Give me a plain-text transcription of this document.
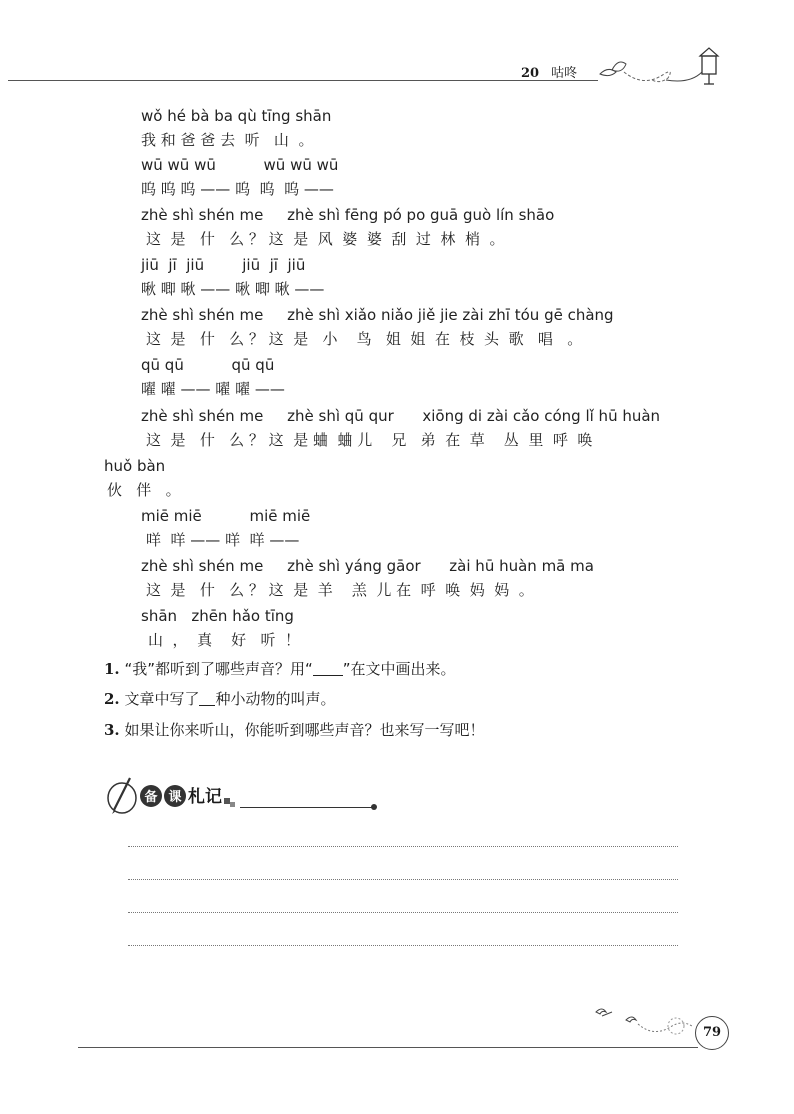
20 咕咚
wǒ hé bà ba qù tīng shān
我 和 爸 爸 去  听   山  。
wū wū wū          wū wū wū
呜 呜 呜 —— 呜  呜  呜 ——
zhè shì shén me     zhè shì fēng pó po guā guò lín shāo
这  是   什   么 ？ 这  是  风  婆  婆  刮  过  林  梢  。
jiū  jī  jiū        jiū  jī  jiū
啾 唧 啾 —— 啾 唧 啾 ——
zhè shì shén me     zhè shì xiǎo niǎo jiě jie zài zhī tóu gē chàng
这  是   什   么 ？ 这  是   小    鸟   姐  姐  在  枝  头  歌   唱   。
qū qū          qū qū
嚁 嚁 —— 嚁 嚁 ——
zhè shì shén me     zhè shì qū qur      xiōng di zài cǎo cóng lǐ hū huàn
这  是   什   么 ？ 这  是 蛐  蛐 儿    兄   弟  在  草    丛  里  呼  唤
huǒ bàn
伙   伴   。
miē miē          miē miē
咩  咩 —— 咩  咩 ——
zhè shì shén me     zhè shì yáng gāor      zài hū huàn mā ma
这  是   什   么 ？ 这  是  羊    羔  儿 在  呼  唤  妈  妈  。
shān   zhēn hǎo tīng
山  ，  真    好   听  ！
1. “我”都听到了哪些声音？用“ ”在文中画出来。
2. 文章中写了 种小动物的叫声。
3. 如果让你来听山，你能听到哪些声音？也来写一写吧！
备 课 札记
79
